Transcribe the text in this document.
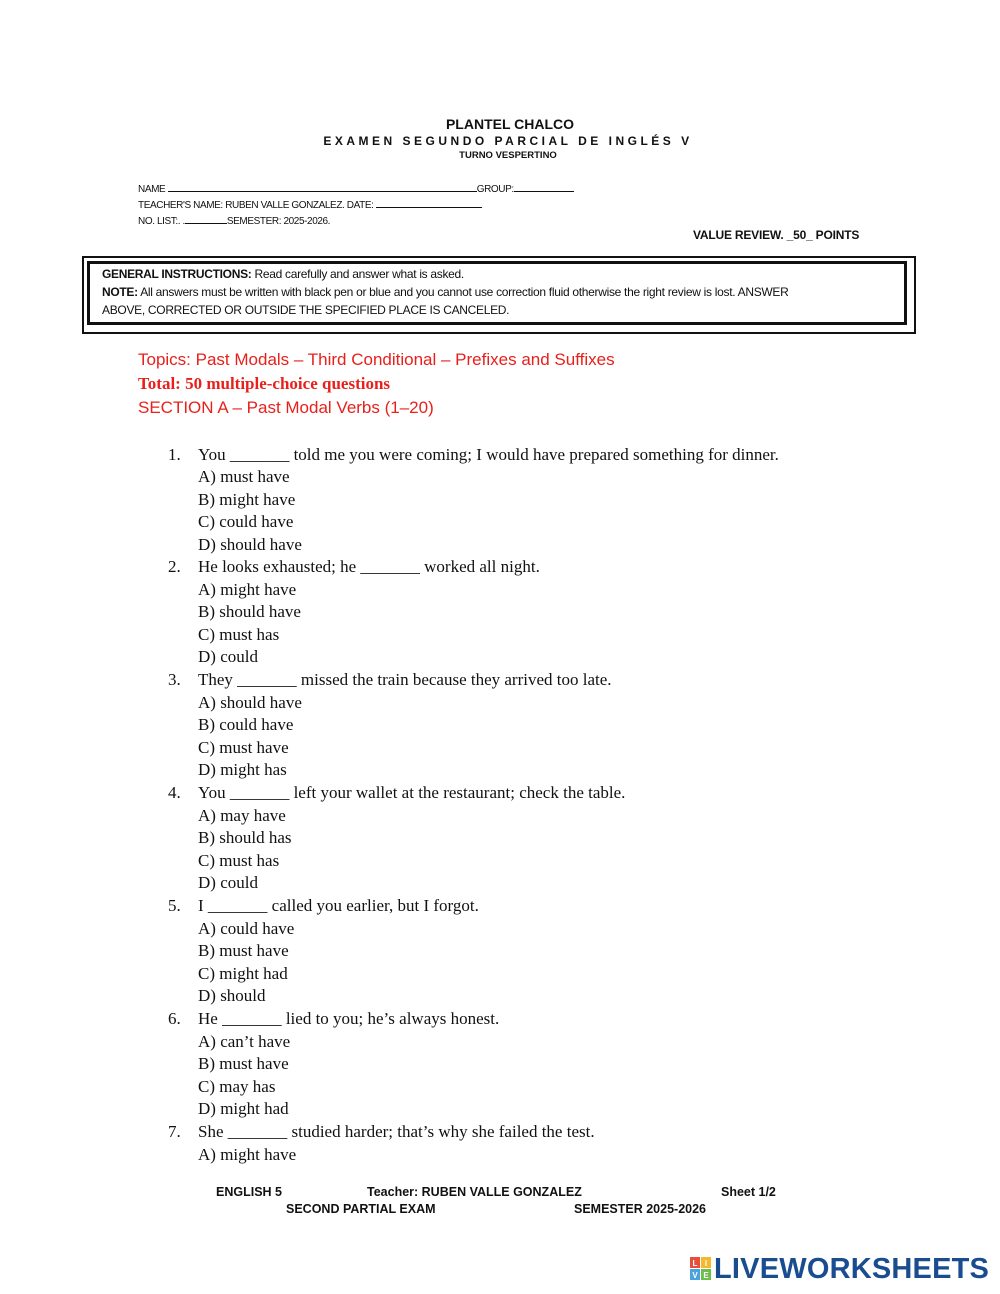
PLANTEL CHALCO
EXAMEN SEGUNDO PARCIAL DE INGLÉS V
TURNO VESPERTINO
NAME	GROUP:
TEACHER'S NAME: RUBEN VALLE GONZALEZ. DATE:
NO. LIST:. .	SEMESTER: 2025-2026.
VALUE REVIEW. _50_ POINTS
GENERAL INSTRUCTIONS: Read carefully and answer what is asked.
NOTE: All answers must be written with black pen or blue and you cannot use correction fluid otherwise the right review is lost. ANSWER
ABOVE, CORRECTED OR OUTSIDE THE SPECIFIED PLACE IS CANCELED.
Topics: Past Modals – Third Conditional – Prefixes and Suffixes
Total: 50 multiple-choice questions
SECTION A – Past Modal Verbs (1–20)
1. You _______ told me you were coming; I would have prepared something for dinner.
A) must have
B) might have
C) could have
D) should have
2. He looks exhausted; he _______ worked all night.
A) might have
B) should have
C) must has
D) could
3. They _______ missed the train because they arrived too late.
A) should have
B) could have
C) must have
D) might has
4. You _______ left your wallet at the restaurant; check the table.
A) may have
B) should has
C) must has
D) could
5. I _______ called you earlier, but I forgot.
A) could have
B) must have
C) might had
D) should
6. He _______ lied to you; he’s always honest.
A) can’t have
B) must have
C) may has
D) might had
7. She _______ studied harder; that’s why she failed the test.
A) might have
ENGLISH 5	Teacher: RUBEN VALLE GONZALEZ	Sheet 1/2
SECOND PARTIAL EXAM	SEMESTER 2025-2026
L I
V E LIVEWORKSHEETS
